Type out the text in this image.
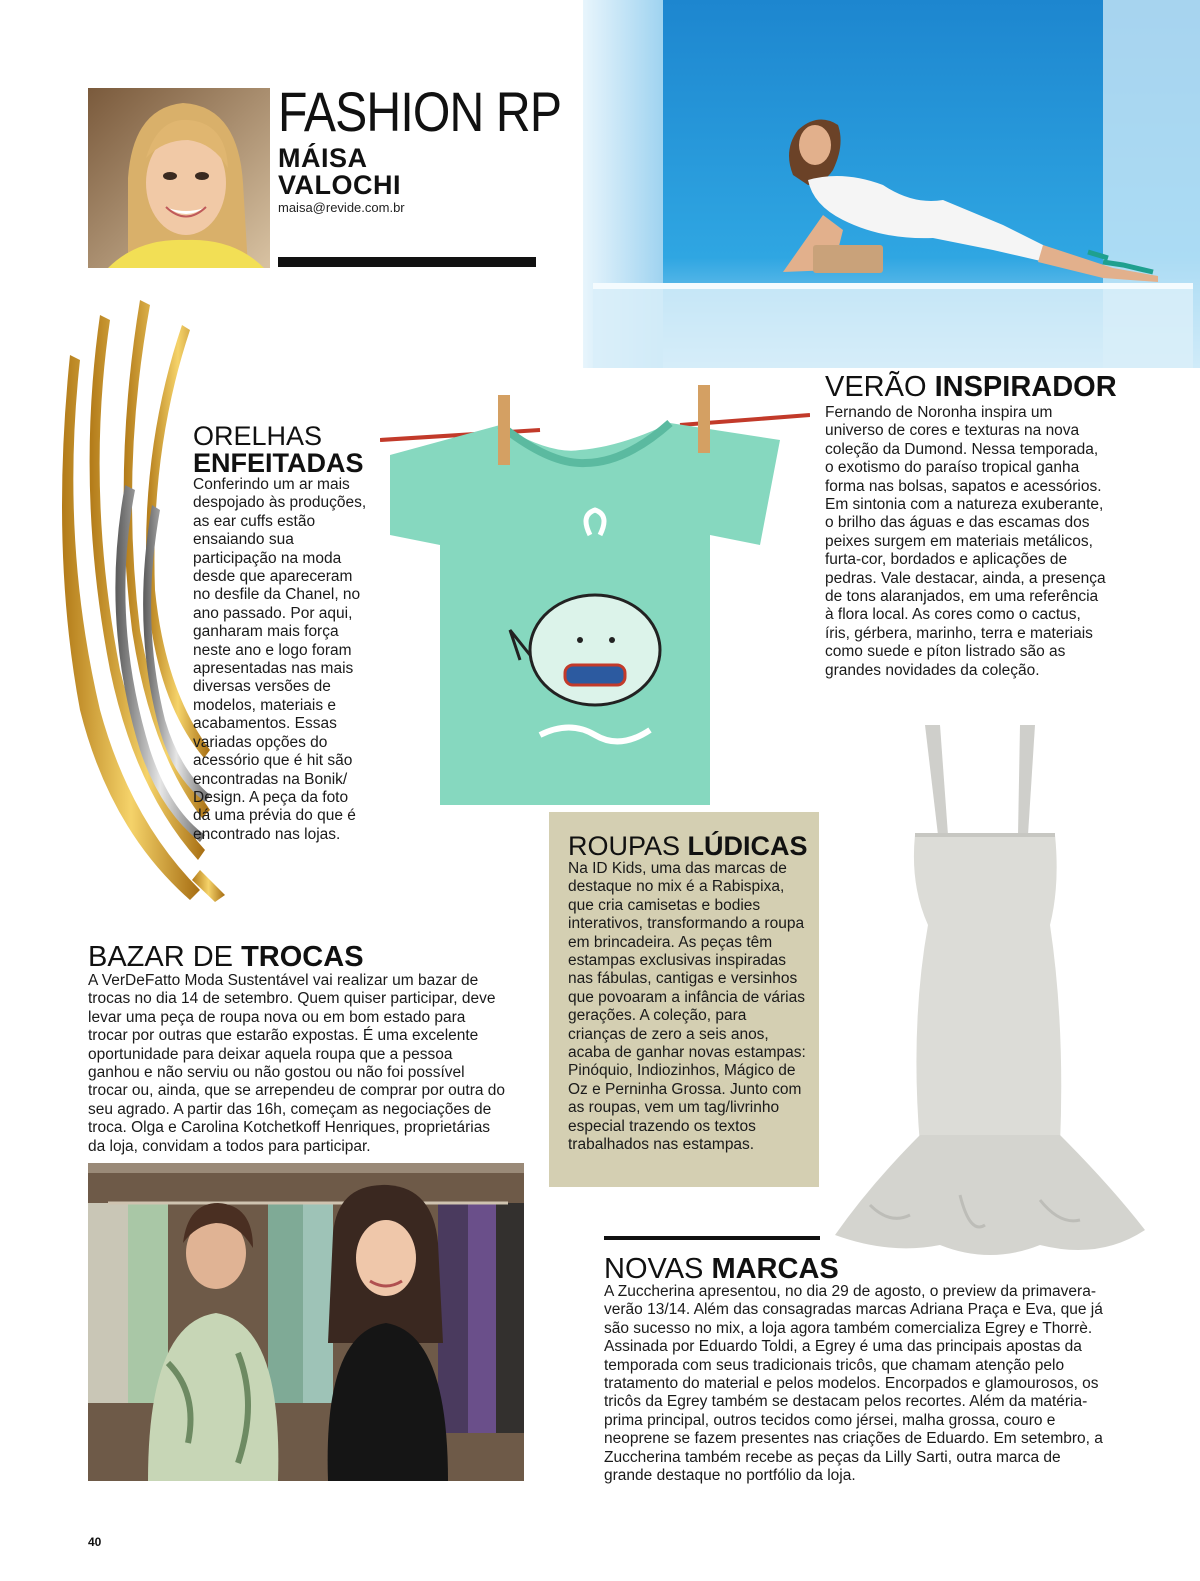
FASHION RP
MÁISA
VALOCHI
maisa@revide.com.br
ORELHAS
ENFEITADAS
Conferindo um ar mais despojado às produções, as ear cuffs estão ensaiando sua participação na moda desde que apareceram no desfile da Chanel, no ano passado. Por aqui, ganharam mais força neste ano e logo foram apresentadas nas mais diversas versões de modelos, materiais e acabamentos. Essas variadas opções do acessório que é hit são encontradas na Bonik/ Design. A peça da foto dá uma prévia do que é encontrado nas lojas.
VERÃO INSPIRADOR
Fernando de Noronha inspira um universo de cores e texturas na nova coleção da Dumond. Nessa temporada, o exotismo do paraíso tropical ganha forma nas bolsas, sapatos e acessórios. Em sintonia com a natureza exuberante, o brilho das águas e das escamas dos peixes surgem em materiais metálicos, furta-cor, bordados e aplicações de pedras. Vale destacar, ainda, a presença de tons alaranjados, em uma referência à flora local. As cores como o cactus, íris, gérbera, marinho, terra e materiais como suede e píton listrado são as grandes novidades da coleção.
ROUPAS LÚDICAS
Na ID Kids, uma das marcas de destaque no mix é a Rabispixa, que cria camisetas e bodies interativos, transformando a roupa em brincadeira. As peças têm estampas exclusivas inspiradas nas fábulas, cantigas e versinhos que povoaram a infância de várias gerações. A coleção, para crianças de zero a seis anos, acaba de ganhar novas estampas: Pinóquio, Indiozinhos, Mágico de Oz e Perninha Grossa. Junto com as roupas, vem um tag/livrinho especial trazendo os textos trabalhados nas estampas.
BAZAR DE TROCAS
A VerDeFatto Moda Sustentável vai realizar um bazar de trocas no dia 14 de setembro. Quem quiser participar, deve levar uma peça de roupa nova ou em bom estado para trocar por outras que estarão expostas. É uma excelente oportunidade para deixar aquela roupa que a pessoa ganhou e não serviu ou não gostou ou não foi possível trocar ou, ainda, que se arrependeu de comprar por outra do seu agrado. A partir das 16h, começam as negociações de troca. Olga e Carolina Kotchetkoff Henriques, proprietárias da loja, convidam a todos para participar.
NOVAS MARCAS
A Zuccherina apresentou, no dia 29 de agosto, o preview da primavera-verão 13/14. Além das consagradas marcas Adriana Praça e Eva, que já são sucesso no mix, a loja agora também comercializa Egrey e Thorrè. Assinada por Eduardo Toldi, a Egrey é uma das principais apostas da temporada com seus tradicionais tricôs, que chamam atenção pelo tratamento do material e pelos modelos. Encorpados e glamourosos, os tricôs da Egrey também se destacam pelos recortes. Além da matéria-prima principal, outros tecidos como jérsei, malha grossa, couro e neoprene se fazem presentes nas criações de Eduardo. Em setembro, a Zuccherina também recebe as peças da Lilly Sarti, outra marca de grande destaque no portfólio da loja.
40
